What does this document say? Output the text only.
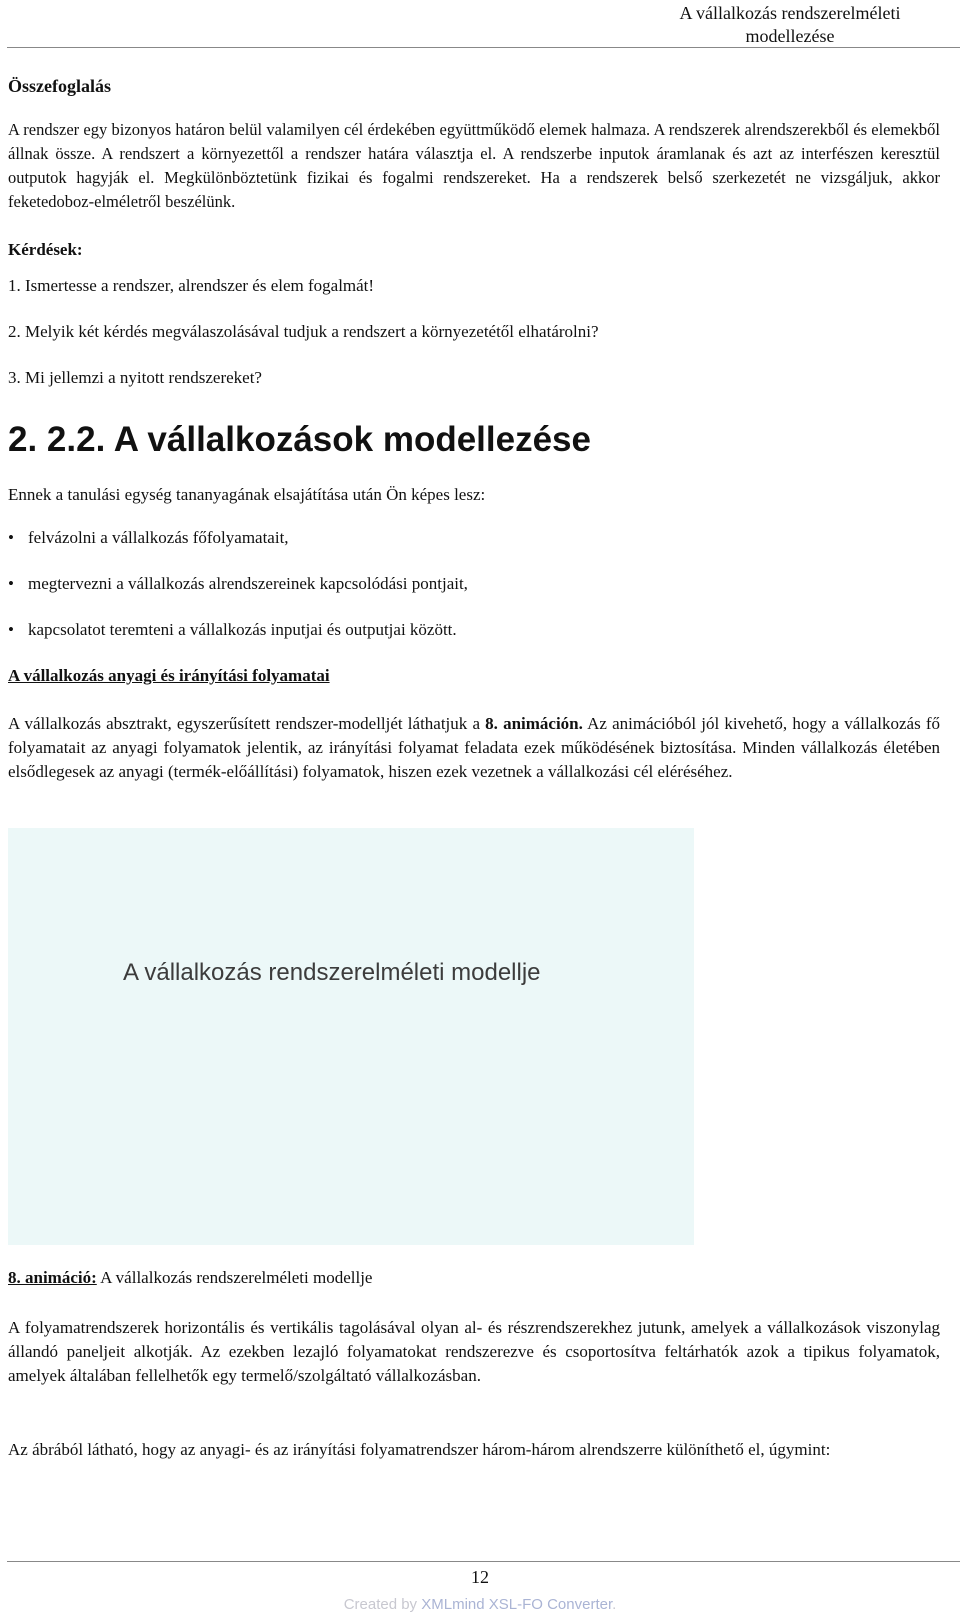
A vállalkozás rendszerelméleti
modellezése
Összefoglalás

A rendszer egy bizonyos határon belül valamilyen cél érdekében együttműködő elemek halmaza. A rendszerek alrendszerekből és elemekből állnak össze. A rendszert a környezettől a rendszer határa választja el. A rendszerbe inputok áramlanak és azt az interfészen keresztül outputok hagyják el. Megkülönböztetünk fizikai és fogalmi rendszereket. Ha a rendszerek belső szerkezetét ne vizsgáljuk, akkor feketedoboz-elméletről beszélünk.

Kérdések:

1. Ismertesse a rendszer, alrendszer és elem fogalmát!

2. Melyik két kérdés megválaszolásával tudjuk a rendszert a környezetétől elhatárolni?

3. Mi jellemzi a nyitott rendszereket?

2. 2.2. A vállalkozások modellezése

Ennek a tanulási egység tananyagának elsajátítása után Ön képes lesz:

• felvázolni a vállalkozás főfolyamatait,
• megtervezni a vállalkozás alrendszereinek kapcsolódási pontjait,
• kapcsolatot teremteni a vállalkozás inputjai és outputjai között.

A vállalkozás anyagi és irányítási folyamatai

A vállalkozás absztrakt, egyszerűsített rendszer-modelljét láthatjuk a 8. animáción. Az animációból jól kivehető, hogy a vállalkozás fő folyamatait az anyagi folyamatok jelentik, az irányítási folyamat feladata ezek működésének biztosítása. Minden vállalkozás életében elsődlegesek az anyagi (termék-előállítási) folyamatok, hiszen ezek vezetnek a vállalkozási cél eléréséhez.

A vállalkozás rendszerelméleti modellje

8. animáció: A vállalkozás rendszerelméleti modellje

A folyamatrendszerek horizontális és vertikális tagolásával olyan al- és részrendszerekhez jutunk, amelyek a vállalkozások viszonylag állandó paneljeit alkotják. Az ezekben lezajló folyamatokat rendszerezve és csoportosítva feltárhatók azok a tipikus folyamatok, amelyek általában fellelhetők egy termelő/szolgáltató vállalkozásban.

Az ábrából látható, hogy az anyagi- és az irányítási folyamatrendszer három-három alrendszerre különíthető el, úgymint:

12
Created by XMLmind XSL-FO Converter.
